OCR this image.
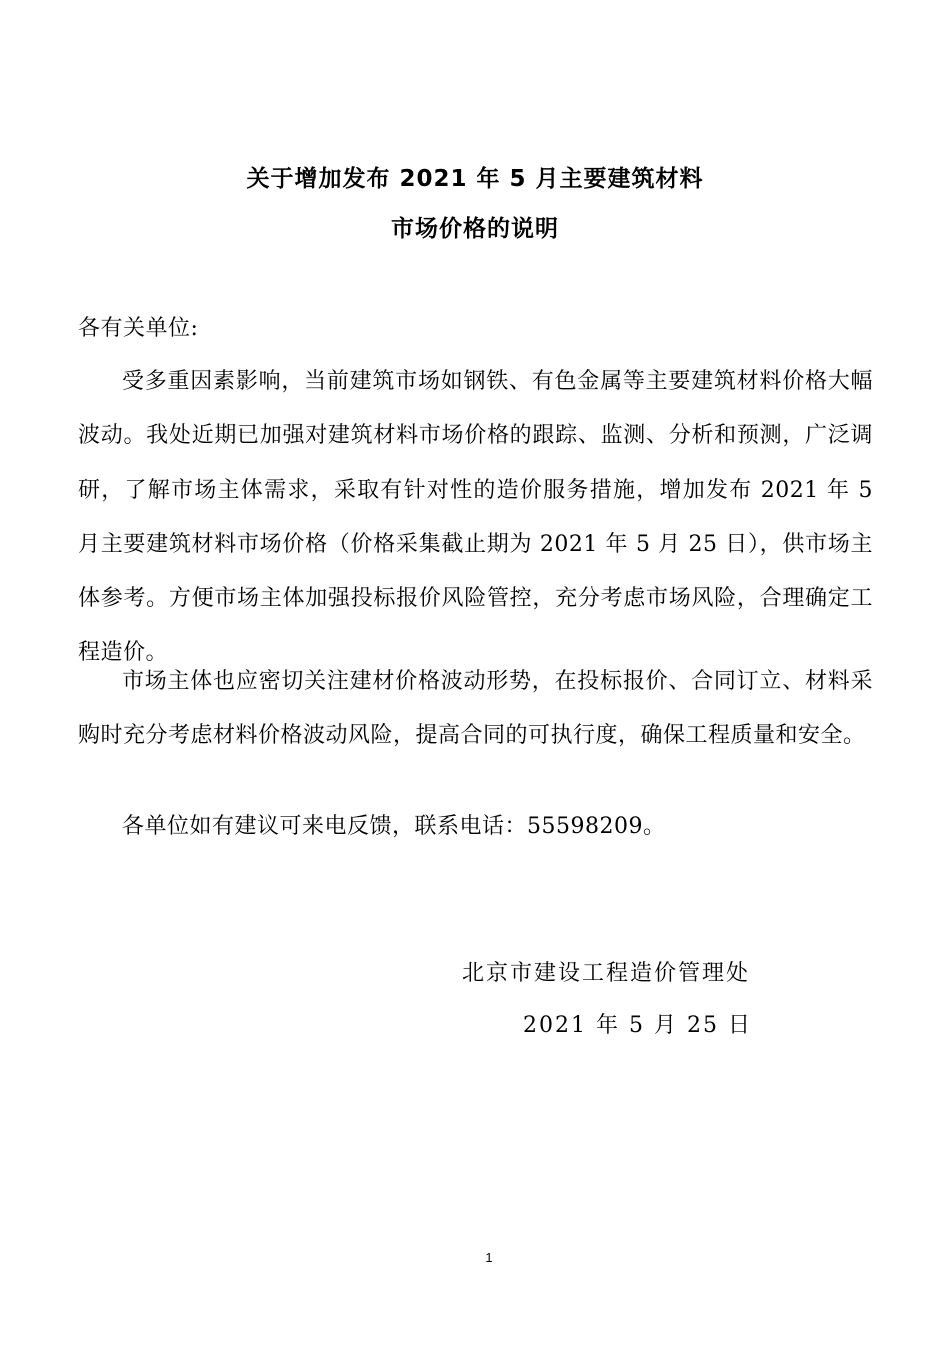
关于增加发布 2021 年 5 月主要建筑材料
市场价格的说明

各有关单位:

受多重因素影响，当前建筑市场如钢铁、有色金属等主要建筑材料价格大幅波动。我处近期已加强对建筑材料市场价格的跟踪、监测、分析和预测，广泛调研，了解市场主体需求，采取有针对性的造价服务措施，增加发布 2021 年 5 月主要建筑材料市场价格（价格采集截止期为 2021 年 5 月 25 日），供市场主体参考。方便市场主体加强投标报价风险管控，充分考虑市场风险，合理确定工程造价。

市场主体也应密切关注建材价格波动形势，在投标报价、合同订立、材料采购时充分考虑材料价格波动风险，提高合同的可执行度，确保工程质量和安全。

各单位如有建议可来电反馈，联系电话：55598209。

北京市建设工程造价管理处

2021 年 5 月 25 日

1
